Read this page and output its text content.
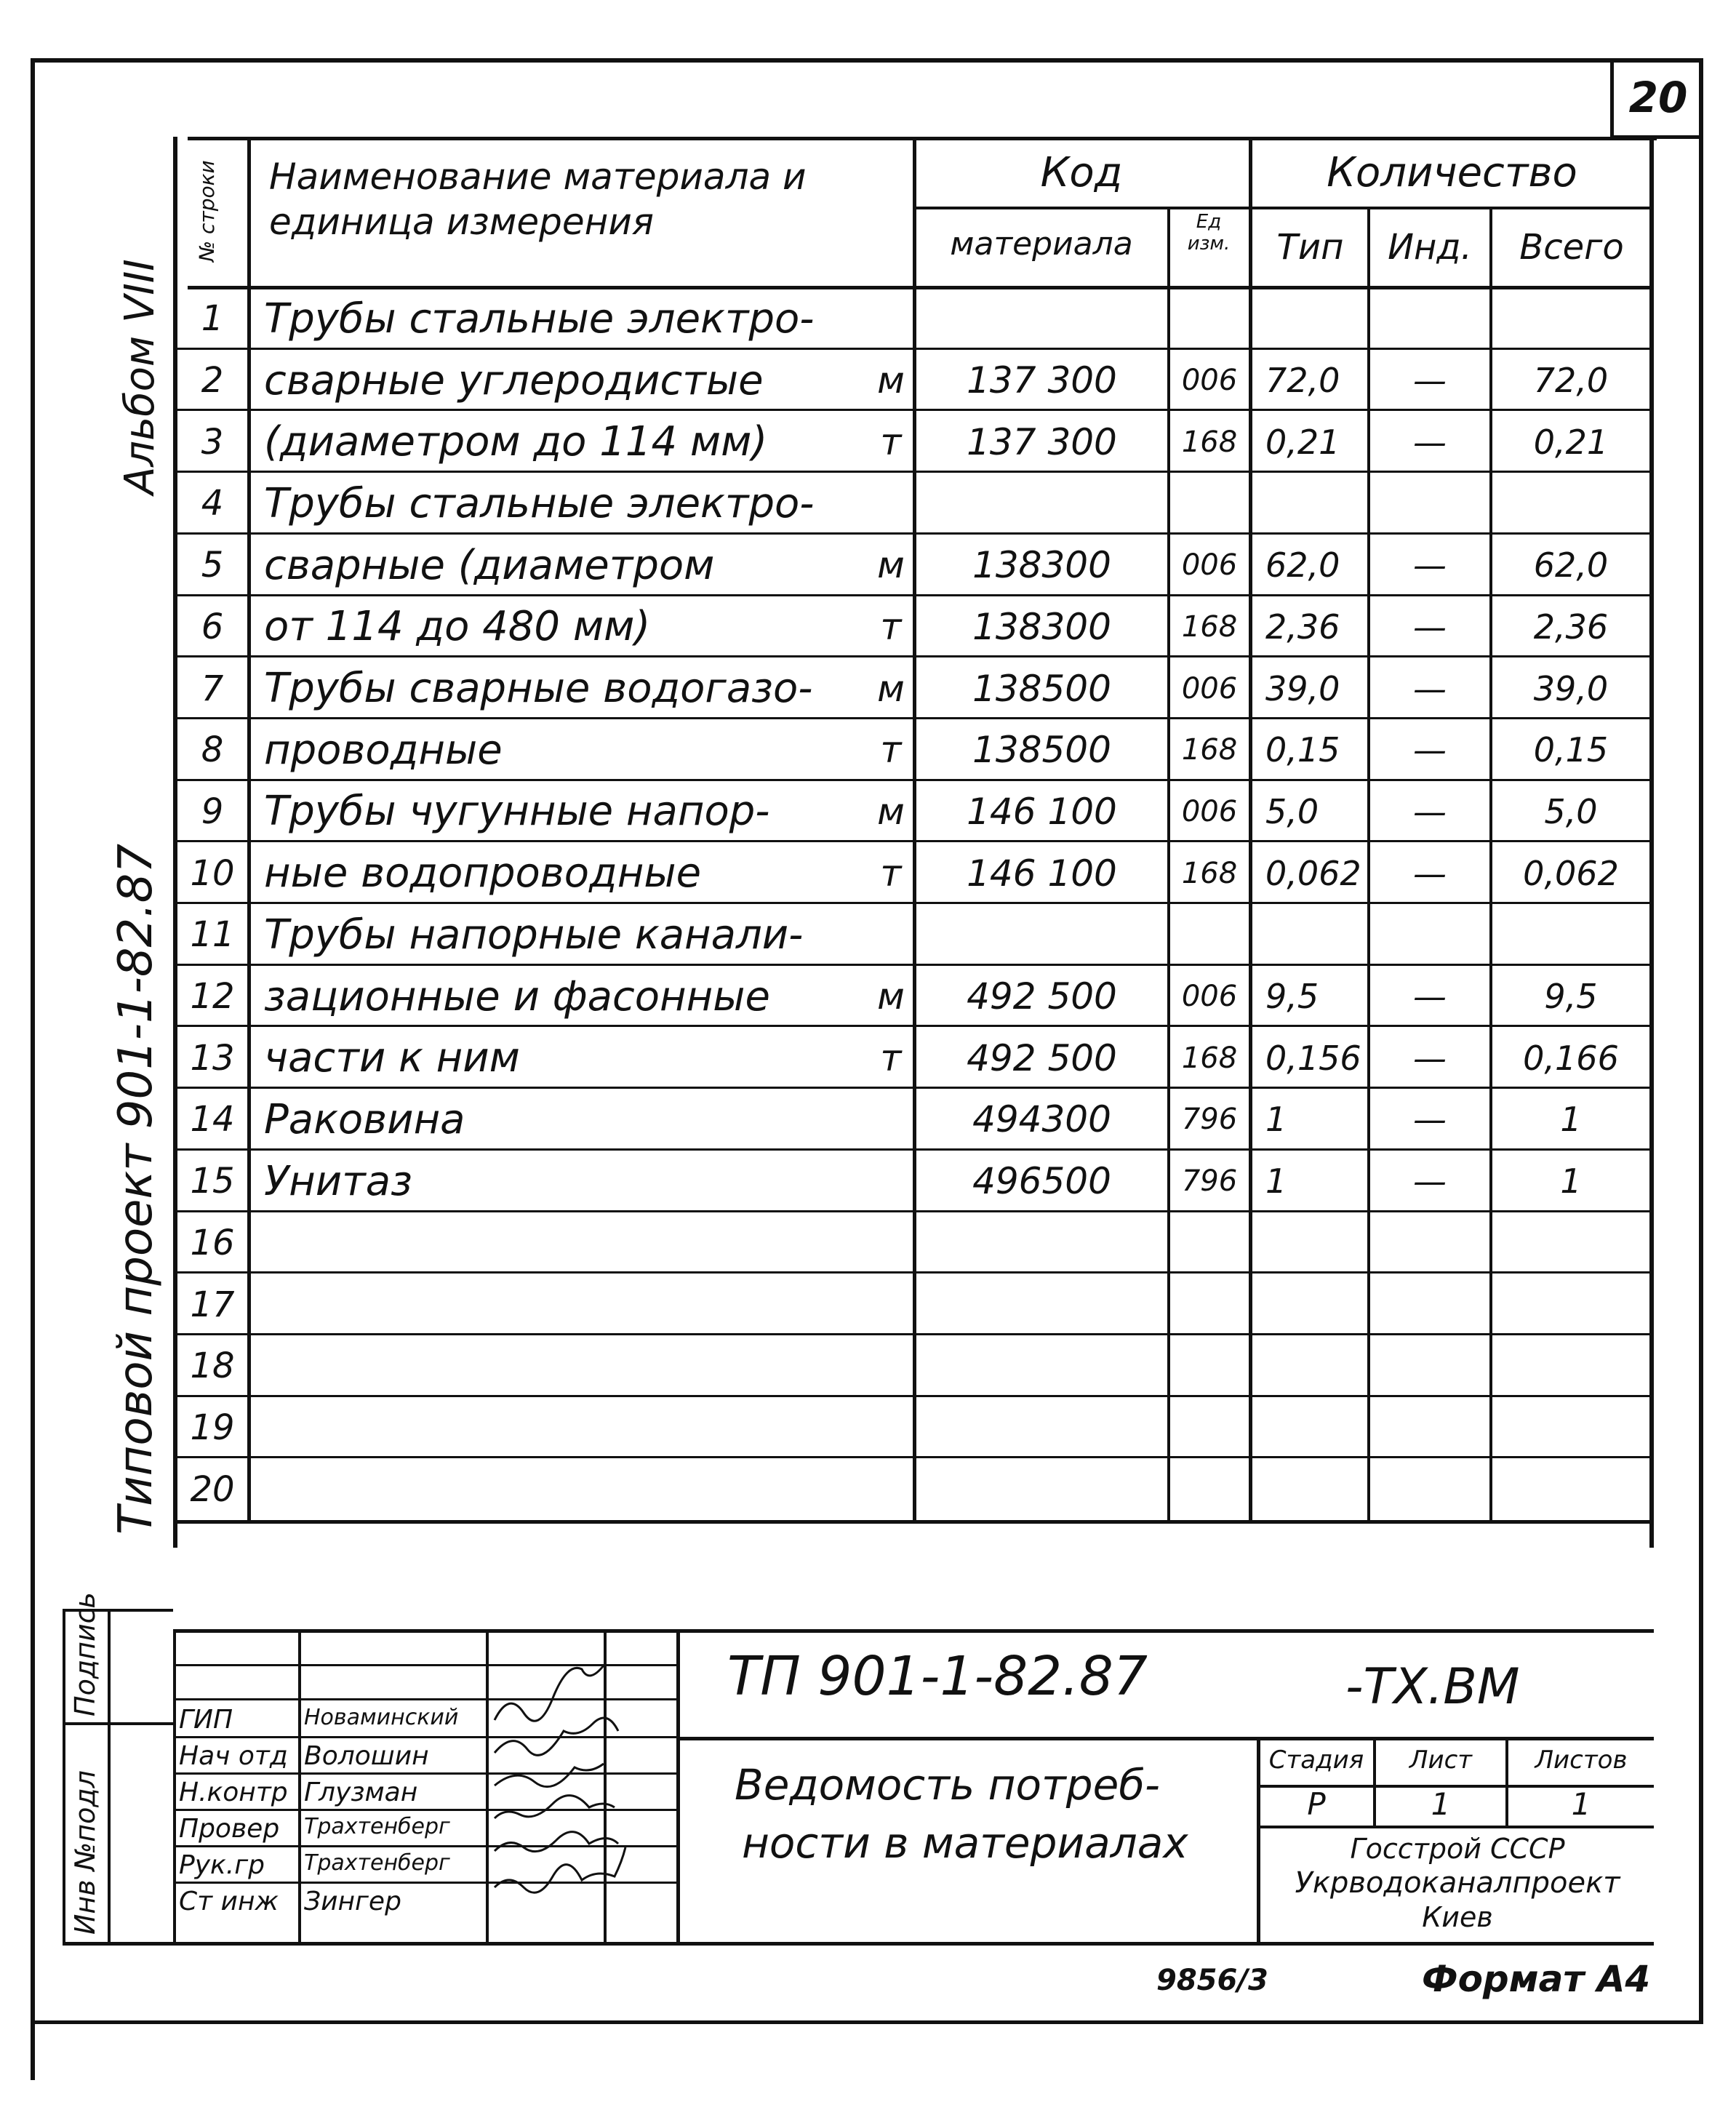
20
Альбом VIII
Типовой проект 901-1-82.87
Инв №подл
Подпись
№ строки Наименование материала и единица измерения
Код
материала
Ед изм.
Количество
Тип	Инд.	Всего
1 Трубы стальные электро-
2 сварные углеродистые	м	137 300	006 72,0	—	72,0
3 (диаметром до 114 мм)	т	137 300	168 0,21	—	0,21
4 Трубы стальные электро-
5 сварные (диаметром	м	138300	006 62,0	—	62,0
6 от 114 до 480 мм)	т	138300	168 2,36	—	2,36
7 Трубы сварные водогазо-	м	138500	006 39,0	—	39,0
8 проводные	т	138500	168 0,15	—	0,15
9 Трубы чугунные напор-	м	146 100	006 5,0	—	5,0
10 ные водопроводные	т	146 100	168 0,062	—	0,062
11 Трубы напорные канали-
12 зационные и фасонные	м	492 500	006 9,5	—	9,5
13 части к ним	т	492 500	168 0,156	—	0,166
14 Раковина	494300	796 1	—	1
15 Унитаз	496500	796 1	—	1
16
17
18
19
20
ТП 901-1-82.87	-ТХ.ВМ
Ведомость потреб-
ности в материалах
Стадия	Лист	Листов
Р	1	1
Госстрой СССР
Укрводоканалпроект
Киев
ГИП	Новаминский
Нач отд Волошин
Н.контр Глузман
Провер Трахтенберг
Рук.гр Трахтенберг
Ст инж Зингер
9856/3	Формат А4
